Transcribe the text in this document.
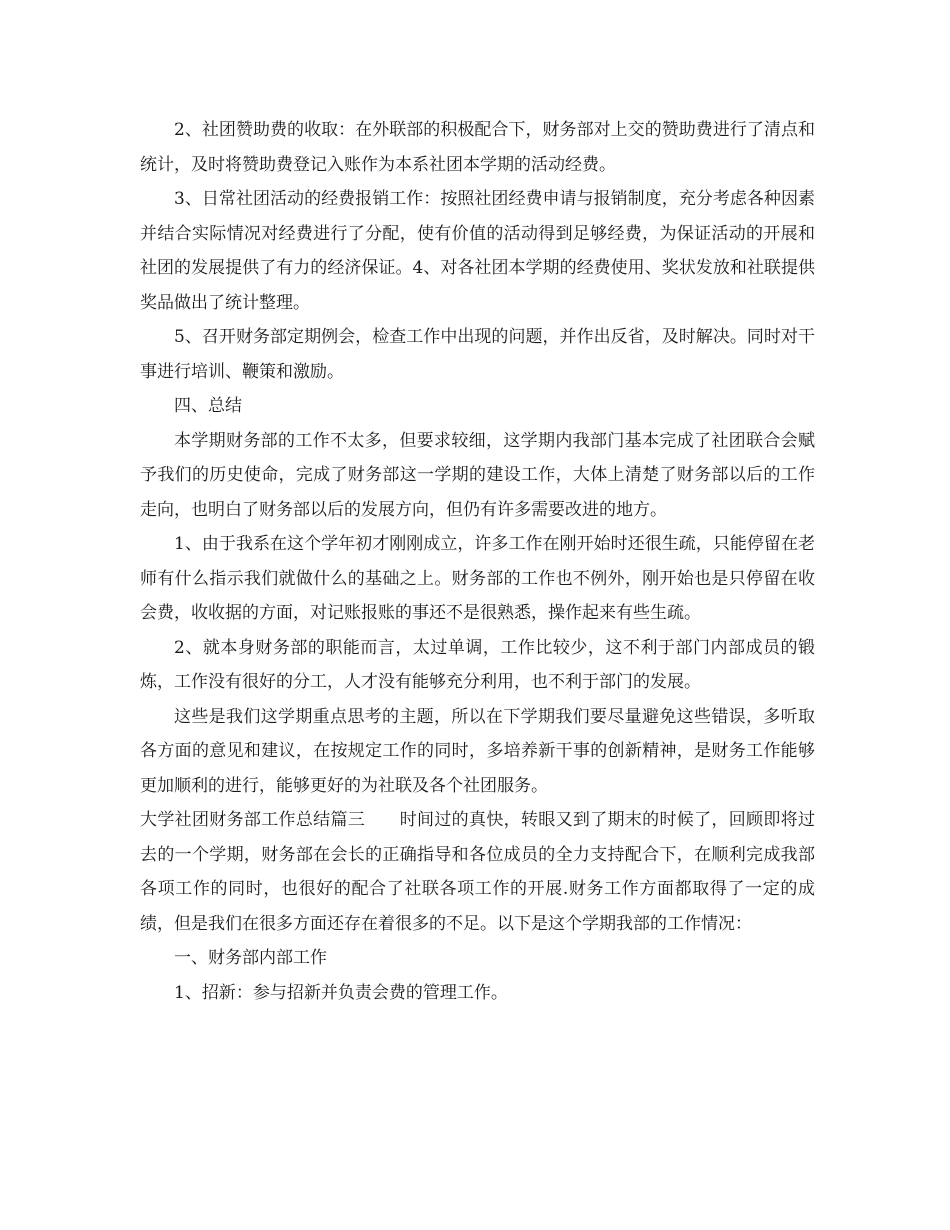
2、社团赞助费的收取：在外联部的积极配合下，财务部对上交的赞助费进行了清点和统计，及时将赞助费登记入账作为本系社团本学期的活动经费。

3、日常社团活动的经费报销工作：按照社团经费申请与报销制度，充分考虑各种因素并结合实际情况对经费进行了分配，使有价值的活动得到足够经费，为保证活动的开展和社团的发展提供了有力的经济保证。4、对各社团本学期的经费使用、奖状发放和社联提供奖品做出了统计整理。

5、召开财务部定期例会，检查工作中出现的问题，并作出反省，及时解决。同时对干事进行培训、鞭策和激励。

四、总结

本学期财务部的工作不太多，但要求较细，这学期内我部门基本完成了社团联合会赋予我们的历史使命，完成了财务部这一学期的建设工作，大体上清楚了财务部以后的工作走向，也明白了财务部以后的发展方向，但仍有许多需要改进的地方。

1、由于我系在这个学年初才刚刚成立，许多工作在刚开始时还很生疏，只能停留在老师有什么指示我们就做什么的基础之上。财务部的工作也不例外，刚开始也是只停留在收会费，收收据的方面，对记账报账的事还不是很熟悉，操作起来有些生疏。

2、就本身财务部的职能而言，太过单调，工作比较少，这不利于部门内部成员的锻炼，工作没有很好的分工，人才没有能够充分利用，也不利于部门的发展。

这些是我们这学期重点思考的主题，所以在下学期我们要尽量避免这些错误，多听取各方面的意见和建议，在按规定工作的同时，多培养新干事的创新精神，是财务工作能够更加顺利的进行，能够更好的为社联及各个社团服务。

大学社团财务部工作总结篇三　　时间过的真快，转眼又到了期末的时候了，回顾即将过去的一个学期，财务部在会长的正确指导和各位成员的全力支持配合下，在顺利完成我部各项工作的同时，也很好的配合了社联各项工作的开展.财务工作方面都取得了一定的成绩，但是我们在很多方面还存在着很多的不足。以下是这个学期我部的工作情况：

一、财务部内部工作

1、招新：参与招新并负责会费的管理工作。
